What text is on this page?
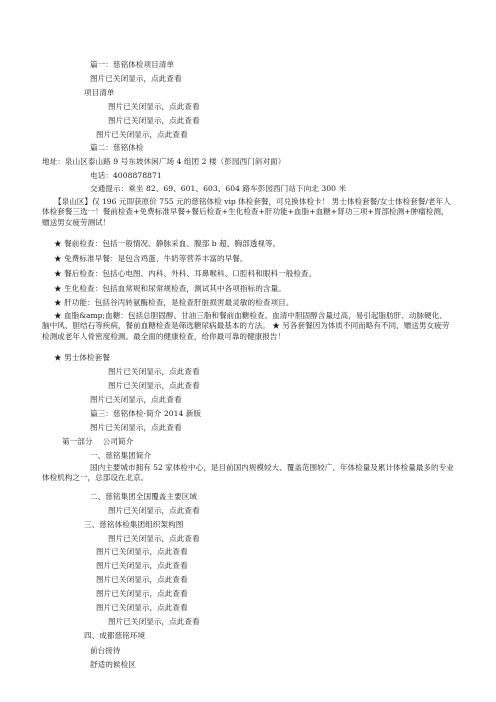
篇一：慈铭体检项目清单
图片已关闭显示，点此查看
项目清单
图片已关闭显示，点此查看
图片已关闭显示，点此查看
图片已关闭显示，点此查看
篇二：慈铭体检
地址：泉山区泰山路 9 号东坡休闲广场 4 组团 2 楼（彭园西门斜对面）
电话：4008878871
交通提示：乘坐 82、69、601、603、604 路车彭园西门站下向北 300 米

【泉山区】仅 196 元即获原价 755 元的慈铭体检 vip 体检套餐，可兑换体检卡！ 男士体检套餐/女士体检套餐/老年人体检套餐三选一！餐前检查+免费标准早餐+餐后检查+生化检查+肝功能+血脂+血糖+肾功三项+胃部检测+肿瘤检测，赠送男女疲劳测试！

★ 餐前检查：包括一般情况、静脉采血、腹部 b 超、胸部透视等。
★ 免费标准早餐：是包含鸡蛋、牛奶等营养丰富的早餐。
★ 餐后检查：包括心电图、内科、外科、耳鼻喉科、口腔科和眼科一般检查。
★ 生化检查：包括血常规和尿常规检查，测试其中各项指标的含量。
★ 肝功能：包括谷丙转氨酶检查，是检查肝脏损害最灵敏的检查项目。

★ 血脂&amp;血糖：包括总胆固醇、甘油三脂和餐前血糖检查。血清中胆固醇含量过高，易引起脂肪肝、动脉硬化、脑中风、胆结石等疾病，餐前血糖检查是筛选糖尿病最基本的方法。 ★ 另各套餐因为体质不同而略有不同，赠送男女疲劳检测或老年人骨密度检测。最全面的健康检查，给你最可靠的健康报告！

★ 男士体检套餐
图片已关闭显示，点此查看
图片已关闭显示，点此查看
图片已关闭显示，点此查看
篇三：慈铭体检-简介 2014 新版
图片已关闭显示，点此查看
第一部分　 公司简介
一、慈铭集团简介

国内主要城市拥有 52 家体检中心，是目前国内规模较大、覆盖范围较广、年体检量及累计体检量最多的专业体检机构之一，总部设在北京。

二、慈铭集团全国覆盖主要区域
图片已关闭显示，点此查看
三、慈铭体检集团组织架构图
图片已关闭显示，点此查看
图片已关闭显示，点此查看
图片已关闭显示，点此查看
图片已关闭显示，点此查看
图片已关闭显示，点此查看
图片已关闭显示，点此查看
图片已关闭显示，点此查看
四、成都慈铭环境
前台接待
舒适的候检区
